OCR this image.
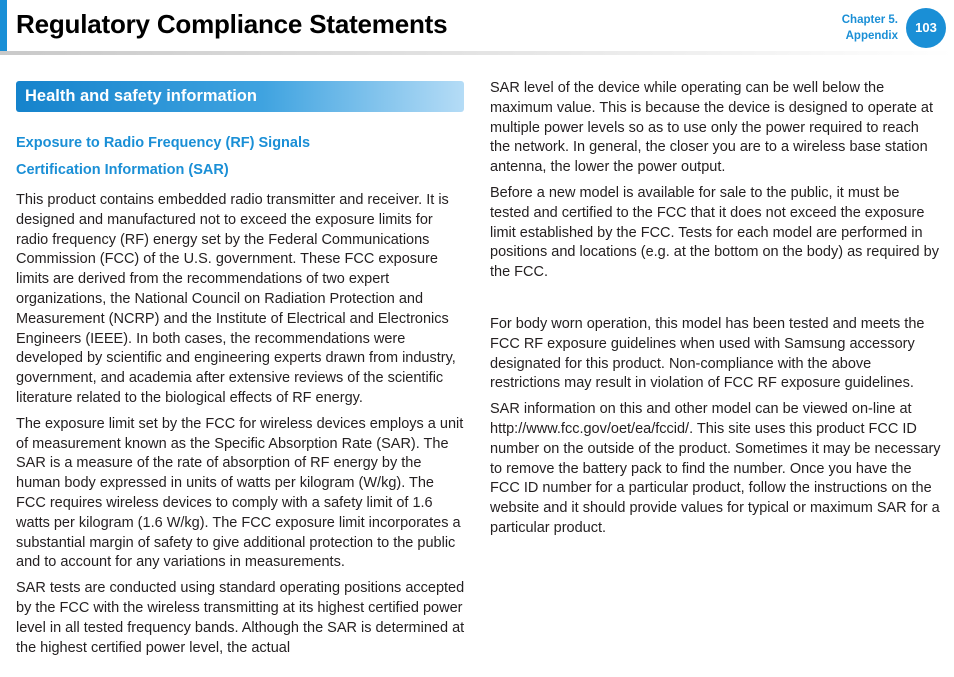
Regulatory Compliance Statements	Chapter 5.
Appendix
103
Health and safety information
Exposure to Radio Frequency (RF) Signals
Certification Information (SAR)

This product contains embedded radio transmitter and receiver. It is designed and manufactured not to exceed the exposure limits for radio frequency (RF) energy set by the Federal Communications Commission (FCC) of the U.S. government. These FCC exposure limits are derived from the recommendations of two expert organizations, the National Council on Radiation Protection and Measurement (NCRP) and the Institute of Electrical and Electronics Engineers (IEEE). In both cases, the recommendations were developed by scientific and engineering experts drawn from industry, government, and academia after extensive reviews of the scientific literature related to the biological effects of RF energy.

The exposure limit set by the FCC for wireless devices employs a unit of measurement known as the Specific Absorption Rate (SAR). The SAR is a measure of the rate of absorption of RF energy by the human body expressed in units of watts per kilogram (W/kg). The FCC requires wireless devices to comply with a safety limit of 1.6 watts per kilogram (1.6 W/kg). The FCC exposure limit incorporates a substantial margin of safety to give additional protection to the public and to account for any variations in measurements.

SAR tests are conducted using standard operating positions accepted by the FCC with the wireless transmitting at its highest certified power level in all tested frequency bands. Although the SAR is determined at the highest certified power level, the actual

SAR level of the device while operating can be well below the maximum value. This is because the device is designed to operate at multiple power levels so as to use only the power required to reach the network. In general, the closer you are to a wireless base station antenna, the lower the power output.

Before a new model is available for sale to the public, it must be tested and certified to the FCC that it does not exceed the exposure limit established by the FCC. Tests for each model are performed in positions and locations (e.g. at the bottom on the body) as required by the FCC.

For body worn operation, this model has been tested and meets the FCC RF exposure guidelines when used with Samsung accessory designated for this product. Non-compliance with the above restrictions may result in violation of FCC RF exposure guidelines.

SAR information on this and other model can be viewed on-line at http://www.fcc.gov/oet/ea/fccid/. This site uses this product FCC ID number on the outside of the product. Sometimes it may be necessary to remove the battery pack to find the number. Once you have the FCC ID number for a particular product, follow the instructions on the website and it should provide values for typical or maximum SAR for a particular product.
